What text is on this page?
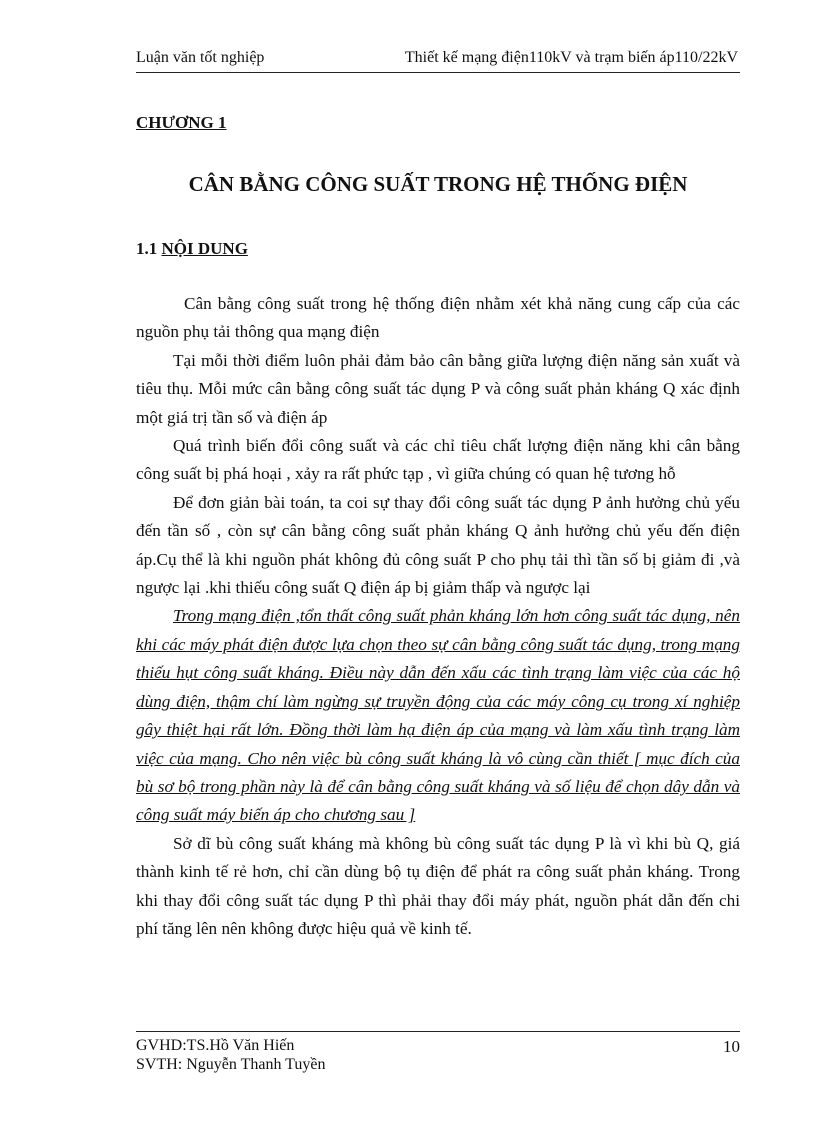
Luận văn tốt nghiệp	Thiết kế mạng điện110kV và trạm biến áp110/22kV
CHƯƠNG 1
CÂN BẰNG CÔNG SUẤT TRONG HỆ THỐNG ĐIỆN
1.1 NỘI DUNG

Cân bằng công suất trong hệ thống điện nhằm xét khả năng cung cấp của các nguồn phụ tải thông qua mạng điện

Tại mỗi thời điểm luôn phải đảm bảo cân bằng giữa lượng điện năng sản xuất và tiêu thụ. Mỗi mức cân bằng công suất tác dụng P và công suất phản kháng Q xác định một giá trị tần số và điện áp

Quá trình biến đổi công suất và các chỉ tiêu chất lượng điện năng khi cân bằng công suất bị phá hoại , xảy ra rất phức tạp , vì giữa chúng có quan hệ tương hỗ

Để đơn giản bài toán, ta coi sự thay đổi công suất tác dụng P ảnh hưởng chủ yếu đến tần số , còn sự cân bằng công suất phản kháng Q ảnh hưởng chủ yếu đến điện áp.Cụ thể là khi nguồn phát không đủ công suất P cho phụ tải thì tần số bị giảm đi ,và ngược lại .khi thiếu công suất Q điện áp bị giảm thấp và ngược lại

Trong mạng điện ,tổn thất công suất phản kháng lớn hơn công suất tác dụng, nên khi các máy phát điện được lựa chọn theo sự cân bằng công suất tác dụng, trong mạng thiếu hụt công suất kháng. Điều này dẫn đến xấu các tình trạng làm việc của các hộ dùng điện, thậm chí làm ngừng sự truyền động của các máy công cụ trong xí nghiệp gây thiệt hại rất lớn. Đồng thời làm hạ điện áp của mạng và làm xấu tình trạng làm việc của mạng. Cho nên việc bù công suất kháng là vô cùng cần thiết [ mục đích của bù sơ bộ trong phần này là để cân bằng công suất kháng và số liệu để chọn dây dẫn và công suất máy biến áp cho chương sau ]

Sở dĩ bù công suất kháng mà không bù công suất tác dụng P là vì khi bù Q, giá thành kinh tế rẻ hơn, chỉ cần dùng bộ tụ điện để phát ra công suất phản kháng. Trong khi thay đổi công suất tác dụng P thì phải thay đổi máy phát, nguồn phát dẫn đến chi phí tăng lên nên không được hiệu quả về kinh tế.

GVHD:TS.Hồ Văn Hiến
SVTH: Nguyễn Thanh Tuyền
10
